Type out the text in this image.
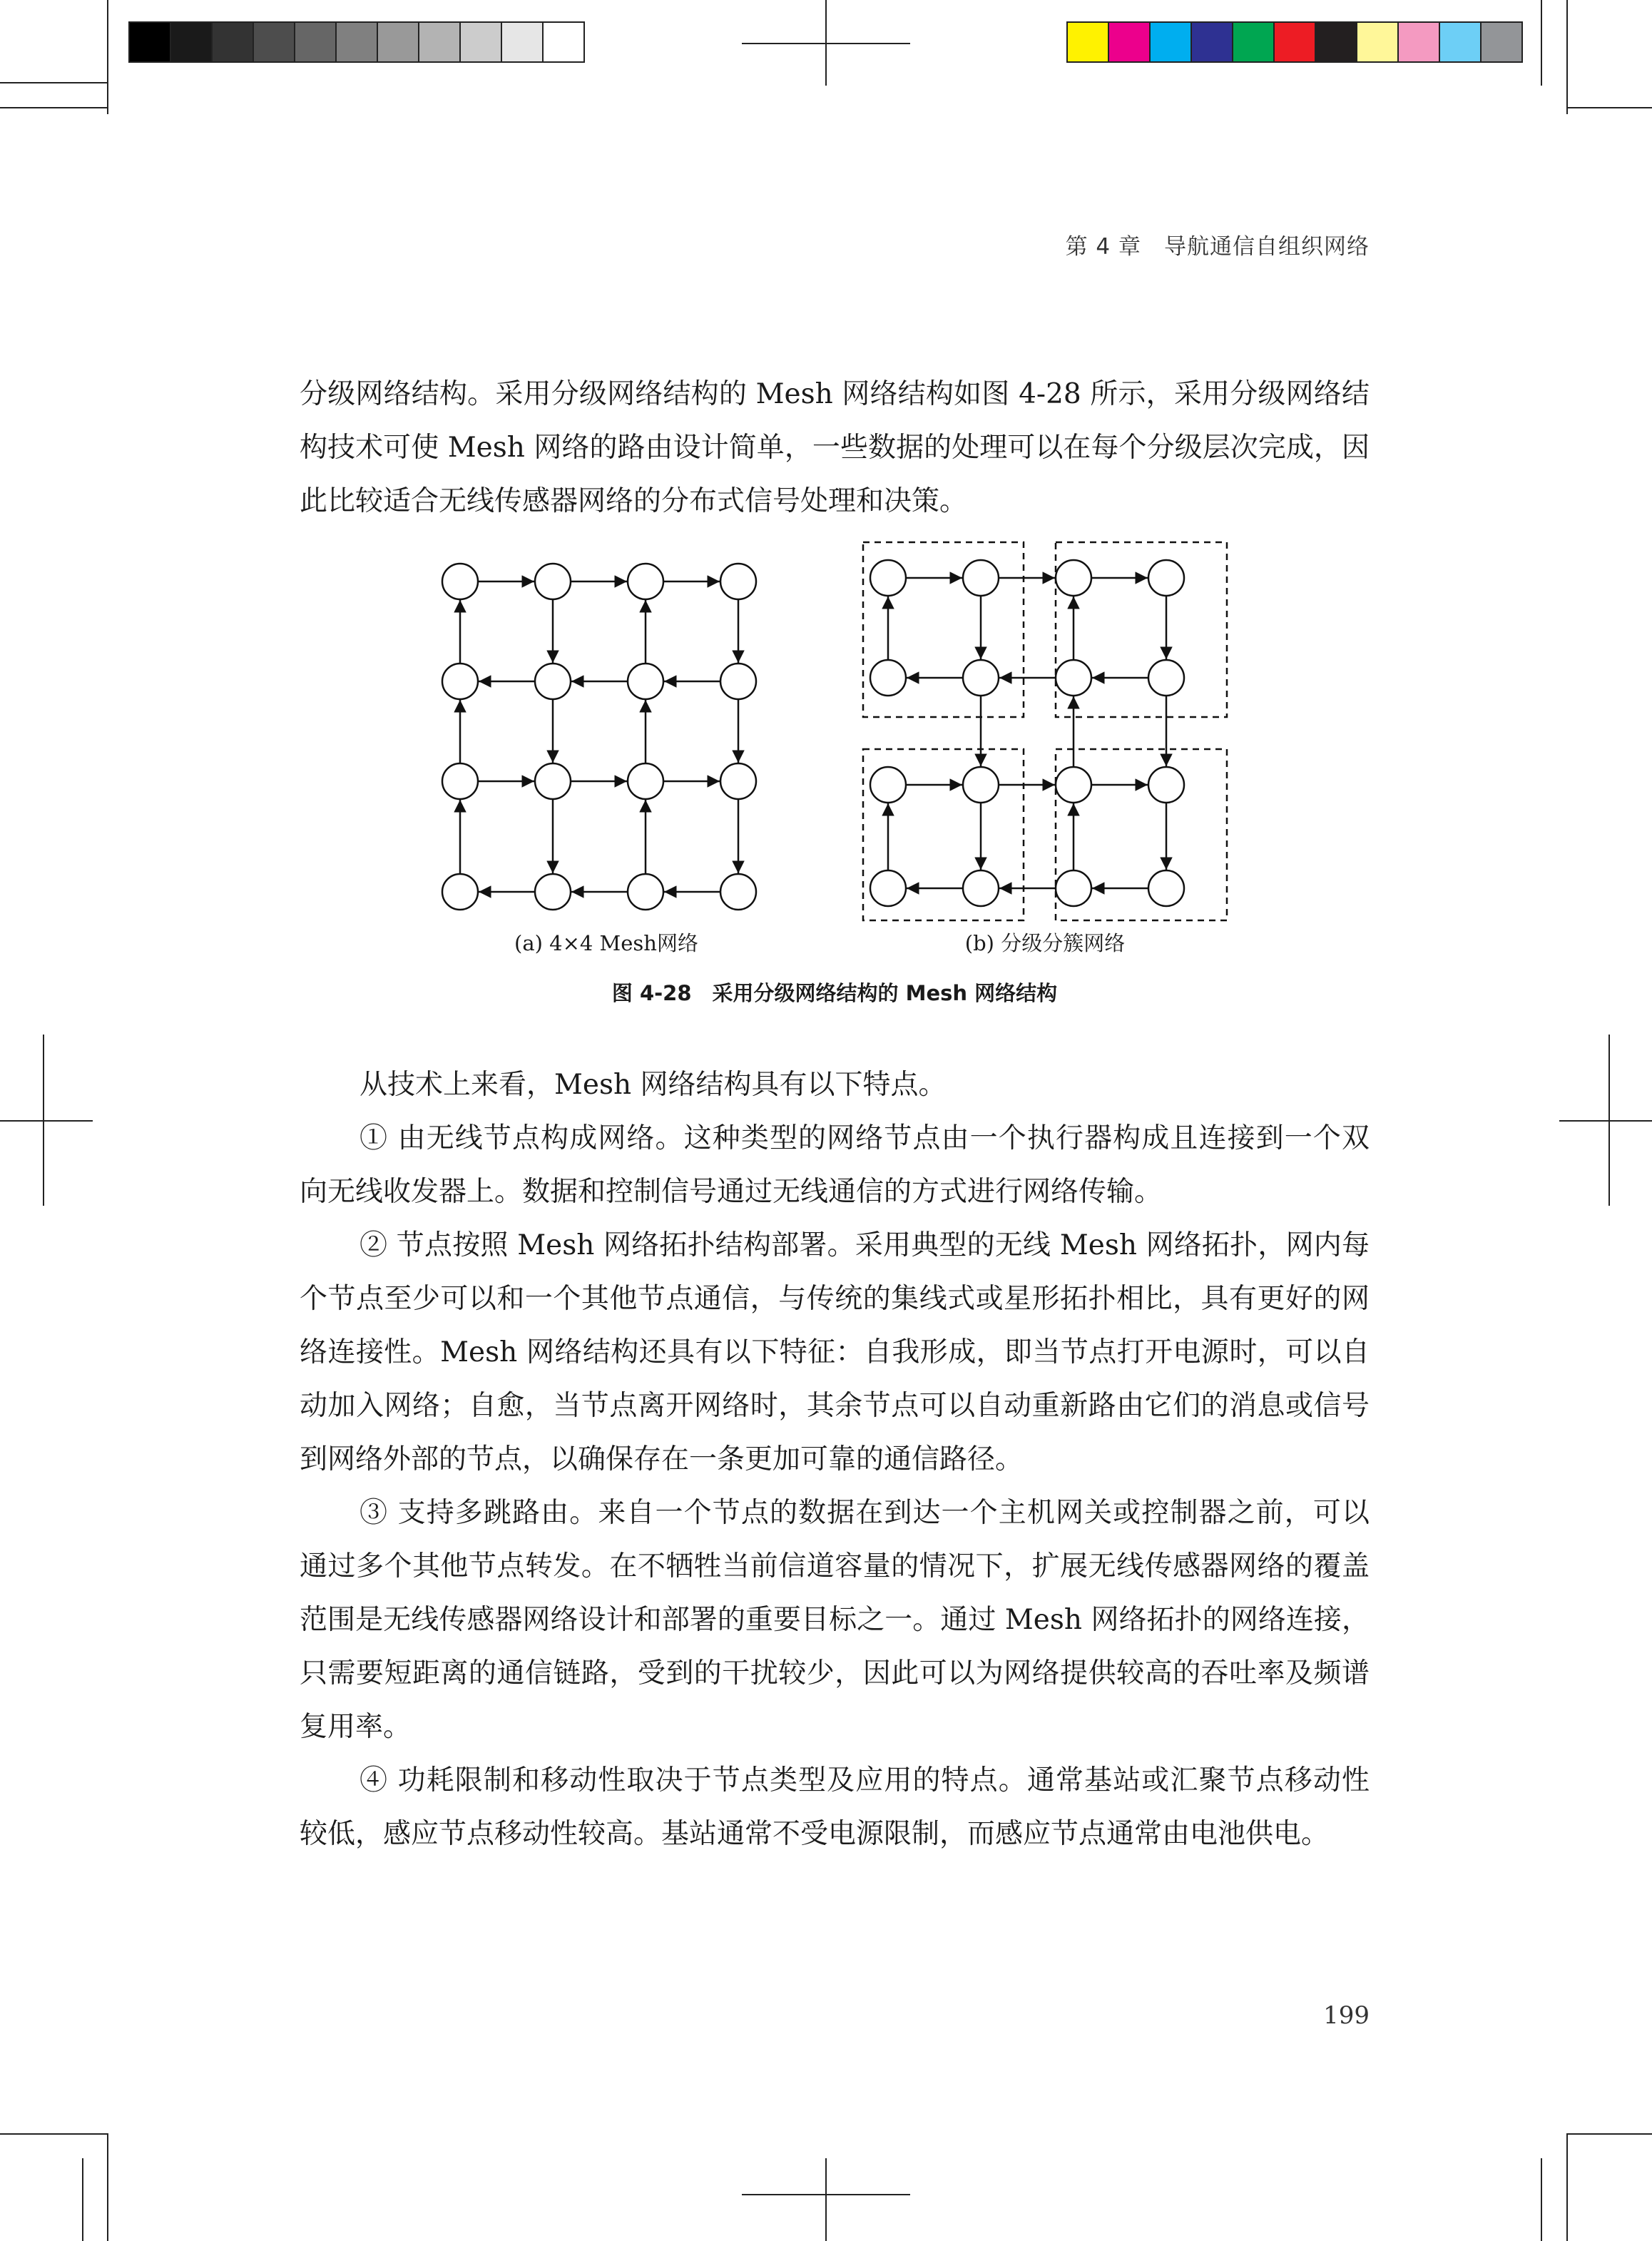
第 4 章　导航通信自组织网络

分级网络结构。采用分级网络结构的 Mesh 网络结构如图 4-28 所示，采用分级网络结构技术可使 Mesh 网络的路由设计简单，一些数据的处理可以在每个分级层次完成，因此比较适合无线传感器网络的分布式信号处理和决策。

(a) 4×4 Mesh网络	(b) 分级分簇网络
图 4-28　采用分级网络结构的 Mesh 网络结构

从技术上来看，Mesh 网络结构具有以下特点。

① 由无线节点构成网络。这种类型的网络节点由一个执行器构成且连接到一个双向无线收发器上。数据和控制信号通过无线通信的方式进行网络传输。

② 节点按照 Mesh 网络拓扑结构部署。采用典型的无线 Mesh 网络拓扑，网内每个节点至少可以和一个其他节点通信，与传统的集线式或星形拓扑相比，具有更好的网络连接性。Mesh 网络结构还具有以下特征：自我形成，即当节点打开电源时，可以自动加入网络；自愈，当节点离开网络时，其余节点可以自动重新路由它们的消息或信号到网络外部的节点，以确保存在一条更加可靠的通信路径。

③ 支持多跳路由。来自一个节点的数据在到达一个主机网关或控制器之前，可以通过多个其他节点转发。在不牺牲当前信道容量的情况下，扩展无线传感器网络的覆盖范围是无线传感器网络设计和部署的重要目标之一。通过 Mesh 网络拓扑的网络连接，只需要短距离的通信链路，受到的干扰较少，因此可以为网络提供较高的吞吐率及频谱复用率。

④ 功耗限制和移动性取决于节点类型及应用的特点。通常基站或汇聚节点移动性较低，感应节点移动性较高。基站通常不受电源限制，而感应节点通常由电池供电。

199
